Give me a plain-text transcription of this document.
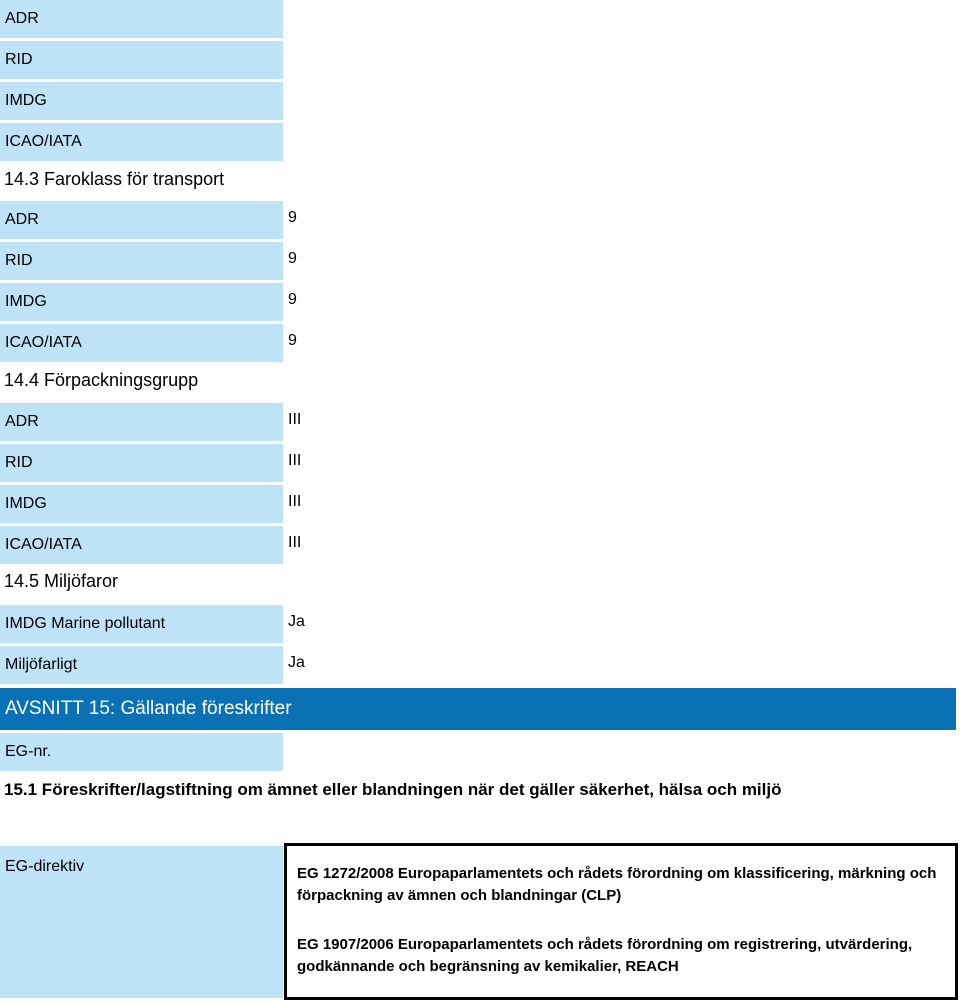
ADR
RID
IMDG
ICAO/IATA
14.3 Faroklass för transport
ADR	9
RID	9
IMDG	9
ICAO/IATA	9
14.4 Förpackningsgrupp
ADR	III
RID	III
IMDG	III
ICAO/IATA	III
14.5 Miljöfaror
IMDG Marine pollutant	Ja
Miljöfarligt	Ja
AVSNITT 15: Gällande föreskrifter
EG-nr.
15.1 Föreskrifter/lagstiftning om ämnet eller blandningen när det gäller säkerhet, hälsa och miljö
EG-direktiv	EG 1272/2008 Europaparlamentets och rådets förordning om klassificering, märkning och förpackning av ämnen och blandningar (CLP)
EG 1907/2006 Europaparlamentets och rådets förordning om registrering, utvärdering, godkännande och begränsning av kemikalier, REACH
